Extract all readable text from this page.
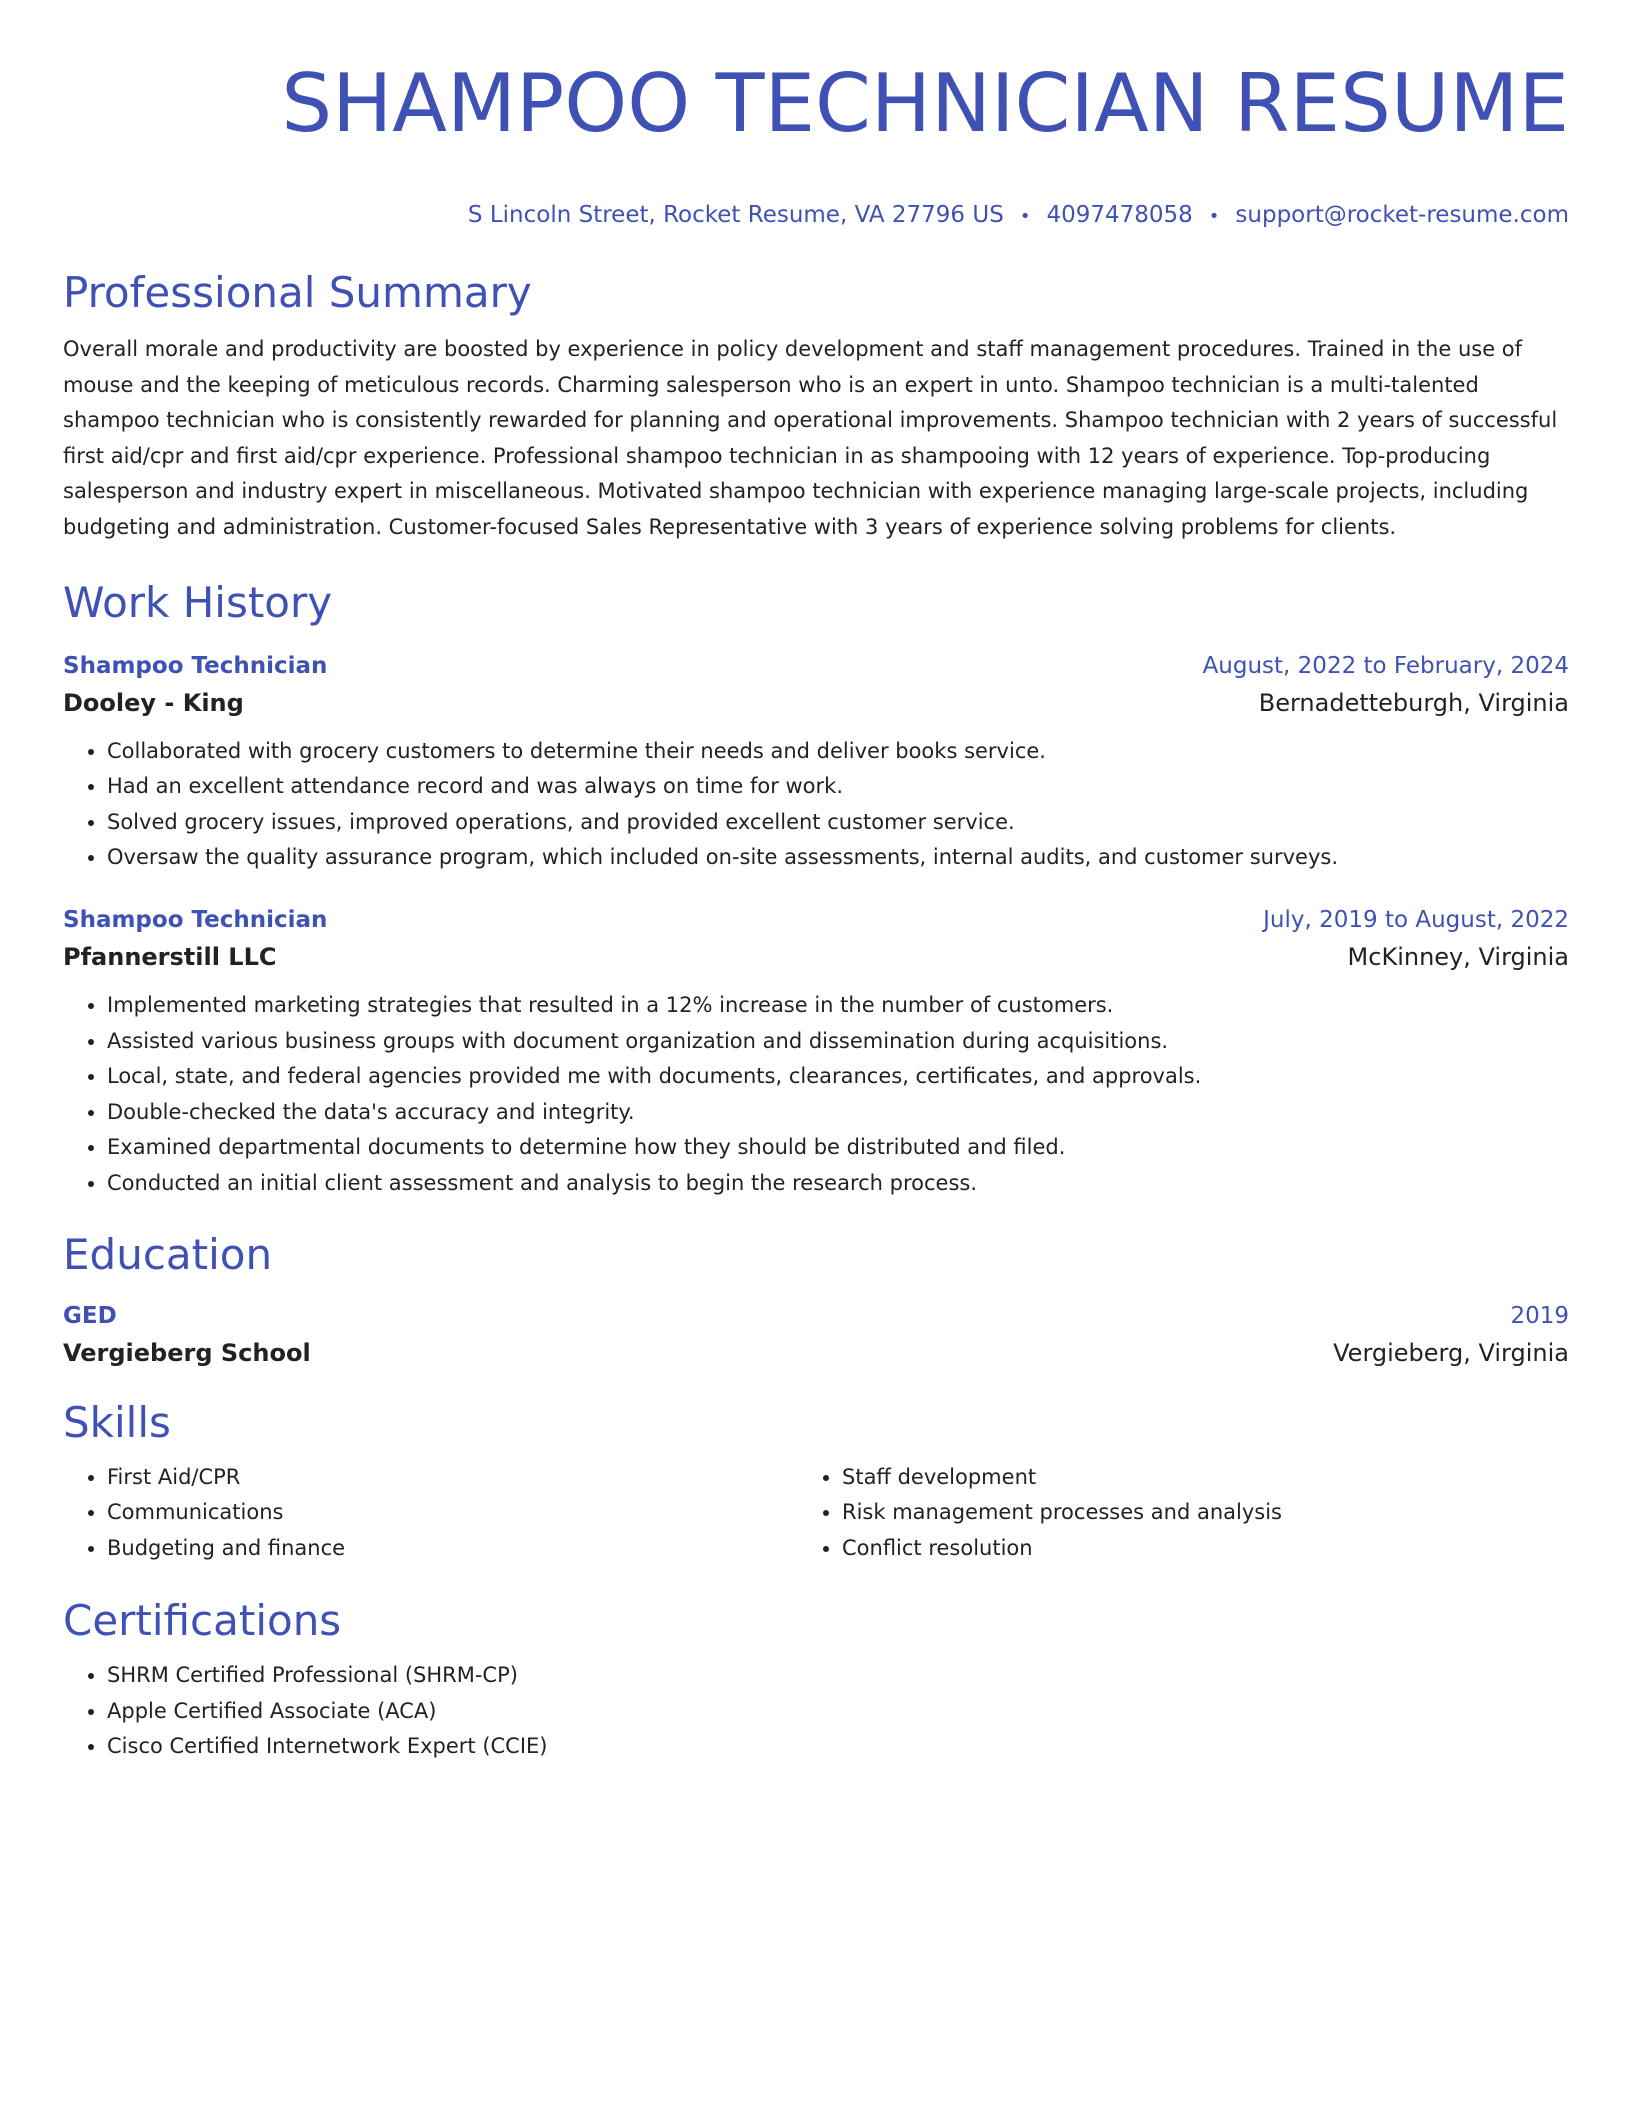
SHAMPOO TECHNICIAN RESUME
S Lincoln Street, Rocket Resume, VA 27796 US • 4097478058 • support@rocket-resume.com
Professional Summary

Overall morale and productivity are boosted by experience in policy development and staff management procedures. Trained in the use of mouse and the keeping of meticulous records. Charming salesperson who is an expert in unto. Shampoo technician is a multi-talented shampoo technician who is consistently rewarded for planning and operational improvements. Shampoo technician with 2 years of successful first aid/cpr and first aid/cpr experience. Professional shampoo technician in as shampooing with 12 years of experience. Top-producing salesperson and industry expert in miscellaneous. Motivated shampoo technician with experience managing large-scale projects, including budgeting and administration. Customer-focused Sales Representative with 3 years of experience solving problems for clients.

Work History
Shampoo Technician	August, 2022 to February, 2024
Dooley - King	Bernadetteburgh, Virginia
• Collaborated with grocery customers to determine their needs and deliver books service.
• Had an excellent attendance record and was always on time for work.
• Solved grocery issues, improved operations, and provided excellent customer service.
• Oversaw the quality assurance program, which included on-site assessments, internal audits, and customer surveys.
Shampoo Technician	July, 2019 to August, 2022
Pfannerstill LLC	McKinney, Virginia
• Implemented marketing strategies that resulted in a 12% increase in the number of customers.
• Assisted various business groups with document organization and dissemination during acquisitions.
• Local, state, and federal agencies provided me with documents, clearances, certificates, and approvals.
• Double-checked the data's accuracy and integrity.
• Examined departmental documents to determine how they should be distributed and filed.
• Conducted an initial client assessment and analysis to begin the research process.
Education
GED	2019
Vergieberg School	Vergieberg, Virginia
Skills
• First Aid/CPR
• Communications
• Budgeting and finance
• Staff development
• Risk management processes and analysis
• Conflict resolution
Certifications
• SHRM Certified Professional (SHRM-CP)
• Apple Certified Associate (ACA)
• Cisco Certified Internetwork Expert (CCIE)
